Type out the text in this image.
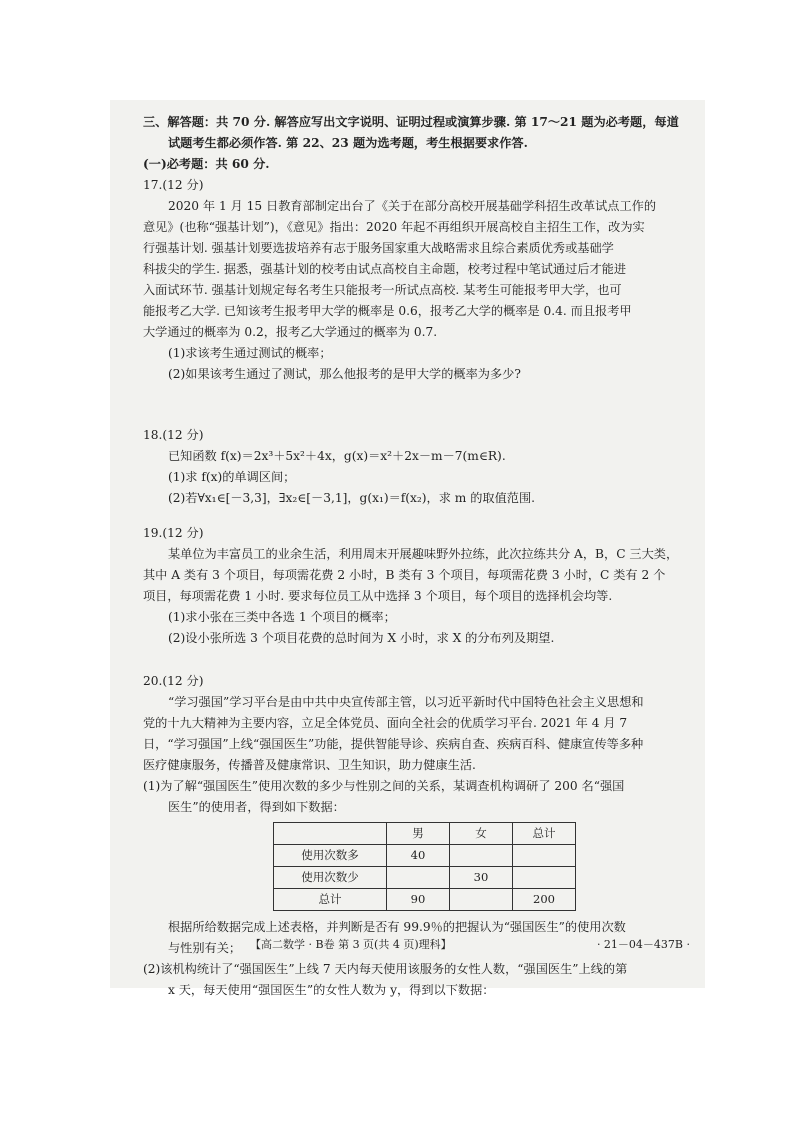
三、解答题：共 70 分. 解答应写出文字说明、证明过程或演算步骤. 第 17～21 题为必考题，每道
试题考生都必须作答. 第 22、23 题为选考题，考生根据要求作答.
(一)必考题：共 60 分.
17.(12 分)
2020 年 1 月 15 日教育部制定出台了《关于在部分高校开展基础学科招生改革试点工作的
意见》(也称“强基计划”)，《意见》指出：2020 年起不再组织开展高校自主招生工作，改为实
行强基计划. 强基计划要选拔培养有志于服务国家重大战略需求且综合素质优秀或基础学
科拔尖的学生. 据悉，强基计划的校考由试点高校自主命题，校考过程中笔试通过后才能进
入面试环节. 强基计划规定每名考生只能报考一所试点高校. 某考生可能报考甲大学，也可
能报考乙大学. 已知该考生报考甲大学的概率是 0.6，报考乙大学的概率是 0.4. 而且报考甲
大学通过的概率为 0.2，报考乙大学通过的概率为 0.7.
(1)求该考生通过测试的概率；
(2)如果该考生通过了测试，那么他报考的是甲大学的概率为多少?
18.(12 分)
已知函数 f(x)＝2x³＋5x²＋4x，g(x)＝x²＋2x－m－7(m∈R).
(1)求 f(x)的单调区间；
(2)若∀x₁∈[－3,3]，∃x₂∈[－3,1]，g(x₁)＝f(x₂)，求 m 的取值范围.
19.(12 分)
某单位为丰富员工的业余生活，利用周末开展趣味野外拉练，此次拉练共分 A，B，C 三大类，
其中 A 类有 3 个项目，每项需花费 2 小时，B 类有 3 个项目，每项需花费 3 小时，C 类有 2 个
项目，每项需花费 1 小时. 要求每位员工从中选择 3 个项目，每个项目的选择机会均等.
(1)求小张在三类中各选 1 个项目的概率；
(2)设小张所选 3 个项目花费的总时间为 X 小时，求 X 的分布列及期望.
20.(12 分)
“学习强国”学习平台是由中共中央宣传部主管，以习近平新时代中国特色社会主义思想和
党的十九大精神为主要内容，立足全体党员、面向全社会的优质学习平台. 2021 年 4 月 7
日，“学习强国”上线“强国医生”功能，提供智能导诊、疾病自查、疾病百科、健康宣传等多种
医疗健康服务，传播普及健康常识、卫生知识，助力健康生活.
(1)为了解“强国医生”使用次数的多少与性别之间的关系，某调查机构调研了 200 名“强国
医生”的使用者，得到如下数据：
	男	女	总计
使用次数多	40		
使用次数少		30	
总计	90		200
根据所给数据完成上述表格，并判断是否有 99.9％的把握认为“强国医生”的使用次数
与性别有关；
(2)该机构统计了“强国医生”上线 7 天内每天使用该服务的女性人数，“强国医生”上线的第
x 天，每天使用“强国医生”的女性人数为 y，得到以下数据：
【高二数学 · B卷 第 3 页(共 4 页)理科】	· 21－04－437B ·
